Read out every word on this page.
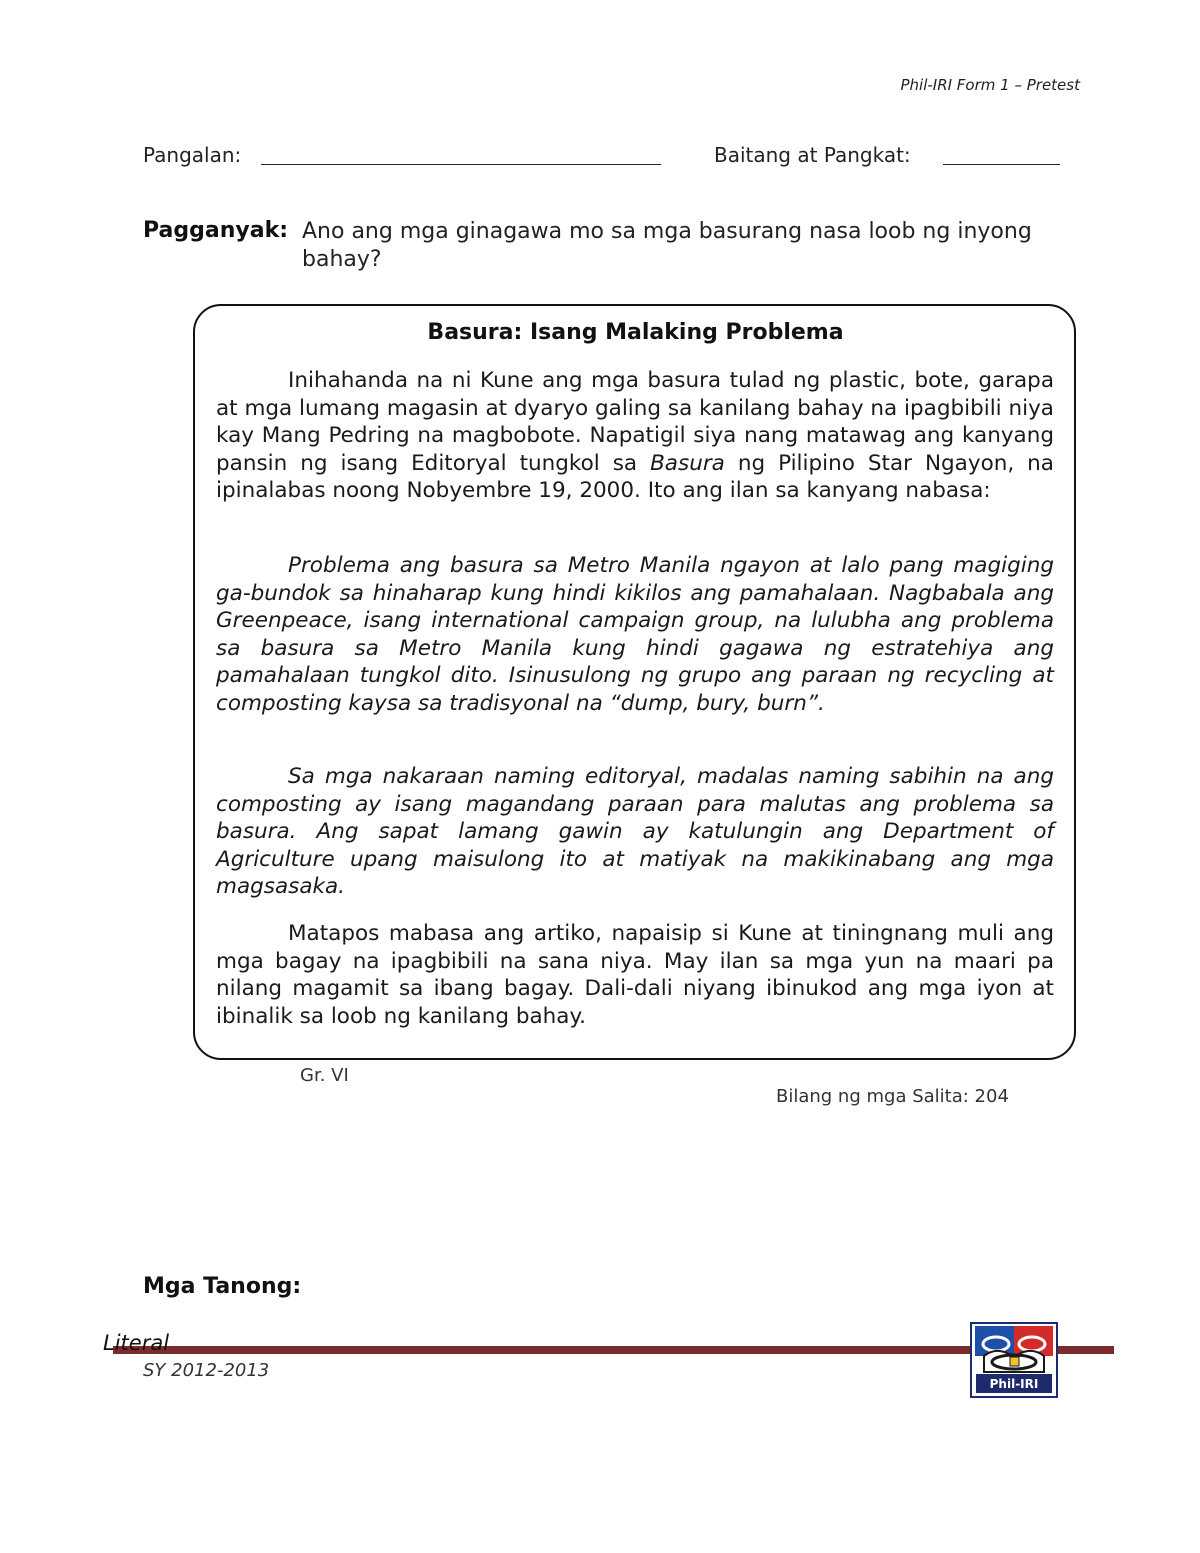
Phil-IRI Form 1 – Pretest
Pangalan:	Baitang at Pangkat:
Pagganyak: Ano ang mga ginagawa mo sa mga basurang nasa loob ng inyong bahay?
Basura: Isang Malaking Problema
Inihahanda na ni Kune ang mga basura tulad ng plastic, bote, garapa at mga lumang magasin at dyaryo galing sa kanilang bahay na ipagbibili niya kay Mang Pedring na magbobote. Napatigil siya nang matawag ang kanyang pansin ng isang Editoryal tungkol sa Basura ng Pilipino Star Ngayon, na ipinalabas noong Nobyembre 19, 2000. Ito ang ilan sa kanyang nabasa:
Problema ang basura sa Metro Manila ngayon at lalo pang magiging ga-bundok sa hinaharap kung hindi kikilos ang pamahalaan. Nagbabala ang Greenpeace, isang international campaign group, na lulubha ang problema sa basura sa Metro Manila kung hindi gagawa ng estratehiya ang pamahalaan tungkol dito. Isinusulong ng grupo ang paraan ng recycling at composting kaysa sa tradisyonal na “dump, bury, burn”.
Sa mga nakaraan naming editoryal, madalas naming sabihin na ang composting ay isang magandang paraan para malutas ang problema sa basura. Ang sapat lamang gawin ay katulungin ang Department of Agriculture upang maisulong ito at matiyak na makikinabang ang mga magsasaka.
Matapos mabasa ang artiko, napaisip si Kune at tiningnang muli ang mga bagay na ipagbibili na sana niya. May ilan sa mga yun na maari pa nilang magamit sa ibang bagay. Dali-dali niyang ibinukod ang mga iyon at ibinalik sa loob ng kanilang bahay.
Gr. VI
Bilang ng mga Salita: 204
Mga Tanong:
Literal
SY 2012-2013
Phil-IRI
